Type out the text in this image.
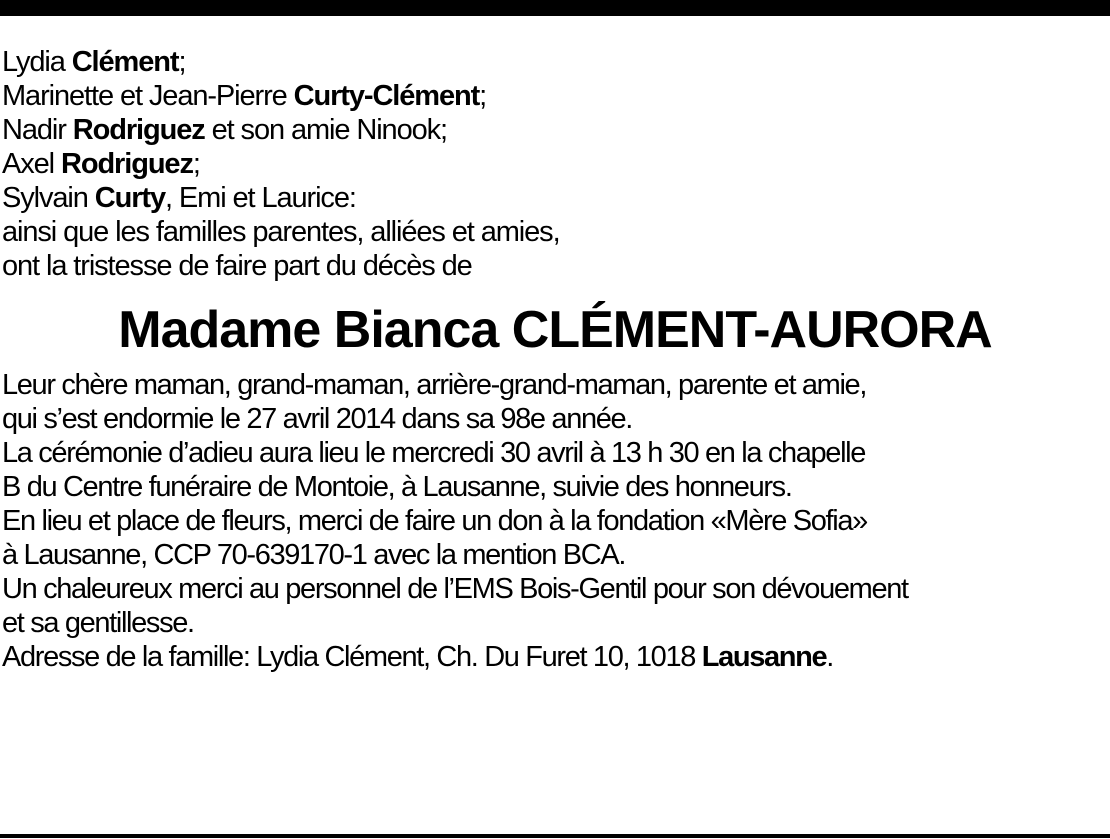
Lydia Clément;
Marinette et Jean-Pierre Curty-Clément;
Nadir Rodriguez et son amie Ninook;
Axel Rodriguez;
Sylvain Curty, Emi et Laurice:
ainsi que les familles parentes, alliées et amies,
ont la tristesse de faire part du décès de
Madame Bianca CLÉMENT-AURORA
Leur chère maman, grand-maman, arrière-grand-maman, parente et amie,
qui s’est endormie le 27 avril 2014 dans sa 98e année.
La cérémonie d’adieu aura lieu le mercredi 30 avril à 13 h 30 en la chapelle
B du Centre funéraire de Montoie, à Lausanne, suivie des honneurs.
En lieu et place de fleurs, merci de faire un don à la fondation «Mère Sofia»
à Lausanne, CCP 70-639170-1 avec la mention BCA.
Un chaleureux merci au personnel de l’EMS Bois-Gentil pour son dévouement
et sa gentillesse.
Adresse de la famille: Lydia Clément, Ch. Du Furet 10, 1018 Lausanne.
